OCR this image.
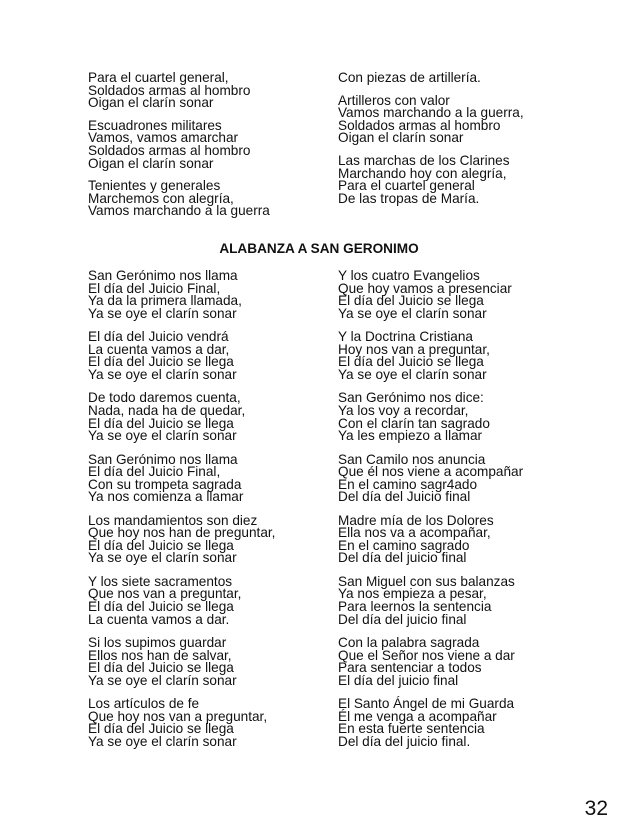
Para el cuartel general,
Soldados armas al hombro
Oigan el clarín sonar
Escuadrones militares
Vamos, vamos amarchar
Soldados armas al hombro
Oigan el clarín sonar
Tenientes y generales
Marchemos con alegría,
Vamos marchando a la guerra
Con piezas de artillería.
Artilleros con valor
Vamos marchando a la guerra,
Soldados armas al hombro
Oigan el clarín sonar
Las marchas de los Clarines
Marchando hoy con alegría,
Para el cuartel general
De las tropas de María.
ALABANZA A SAN GERONIMO
San Gerónimo nos llama
El día del Juicio Final,
Ya da la primera llamada,
Ya se oye el clarín sonar
El día del Juicio vendrá
La cuenta vamos a dar,
El día del Juicio se llega
Ya se oye el clarín sonar
De todo daremos cuenta,
Nada, nada ha de quedar,
El día del Juicio se llega
Ya se oye el clarín sonar
San Gerónimo nos llama
El día del Juicio Final,
Con su trompeta sagrada
Ya nos comienza a llamar
Los mandamientos son diez
Que hoy nos han de preguntar,
El día del Juicio se llega
Ya se oye el clarín sonar
Y los siete sacramentos
Que nos van a preguntar,
El día del Juicio se llega
La cuenta vamos a dar.
Si los supimos guardar
Ellos nos han de salvar,
El día del Juicio se llega
Ya se oye el clarín sonar
Los artículos de fe
Que hoy nos van a preguntar,
El día del Juicio se llega
Ya se oye el clarín sonar
Y los cuatro Evangelios
Que hoy vamos a presenciar
El día del Juicio se llega
Ya se oye el clarín sonar
Y la Doctrina Cristiana
Hoy nos van a preguntar,
El día del Juicio se llega
Ya se oye el clarín sonar
San Gerónimo nos dice:
Ya los voy a recordar,
Con el clarín tan sagrado
Ya les empiezo a llamar
San Camilo nos anuncia
Que él nos viene a acompañar
En el camino sagr4ado
Del día del Juicio final
Madre mía de los Dolores
Ella nos va a acompañar,
En el camino sagrado
Del día del juicio final
San Miguel con sus balanzas
Ya nos empieza a pesar,
Para leernos la sentencia
Del día del juicio final
Con la palabra sagrada
Que el Señor nos viene a dar
Para sentenciar a todos
El día del juicio final
El Santo Ángel de mi Guarda
Él me venga a acompañar
En esta fuerte sentencia
Del día del juicio final.
32
